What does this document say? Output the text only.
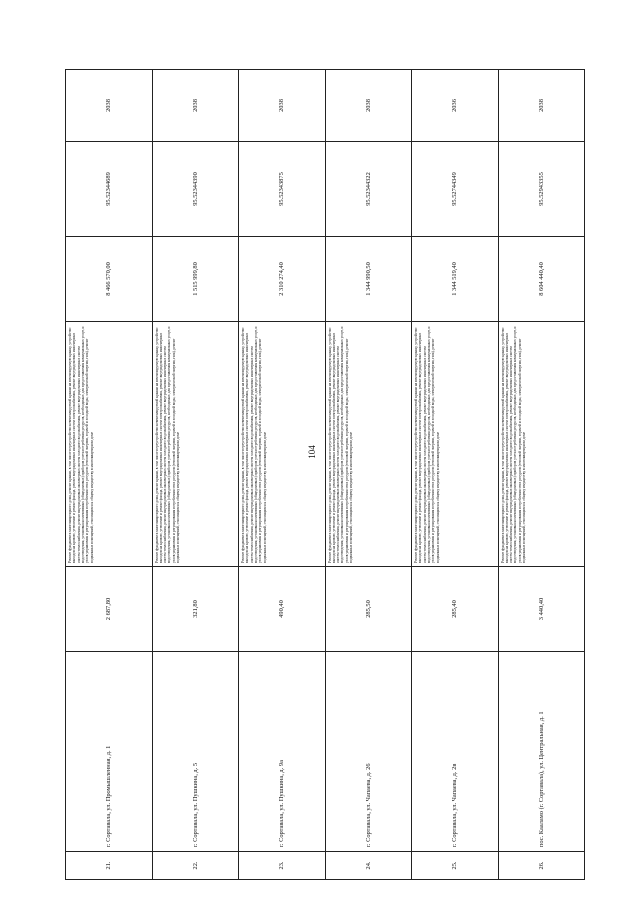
104
21.	г. Сортавала, ул. Промышленная, д. 1	2 687,80	Ремонт фундамента многоквартирного дома, ремонт крыши, в том числе переустройство невентилируемой крыши на вентилируемую крышу, устройство выходов на кровлю, утепление и ремонт фасада, ремонт внутридомовых инженерных систем электроснабжения, ремонт внутридомовых инженерных систем теплоснабжения, ремонт внутридомовых инженерных систем холодного водоснабжения, ремонт внутридомовых инженерных систем водоотведения, установка коллективных (общедомовых) приборов учета потребления ресурсов, необходимых для предоставления коммунальных услуг, и узлов управления и регулирования потребления этих ресурсов (тепловой энергии, горячей и холодной воды, электрической энергии, газа), ремонт подвальных помещений, относящихся к общему имуществу в многоквартирном доме	8 466 570,00	95.52344689	2038
22.	г. Сортавала, ул. Пушкина, д. 5	321,80	Ремонт фундамента многоквартирного дома, ремонт крыши, в том числе переустройство невентилируемой крыши на вентилируемую крышу, устройство выходов на кровлю, утепление и ремонт фасада, ремонт внутридомовых инженерных систем электроснабжения, ремонт внутридомовых инженерных систем теплоснабжения, ремонт внутридомовых инженерных систем холодного водоснабжения, ремонт внутридомовых инженерных систем водоотведения, установка коллективных (общедомовых) приборов учета потребления ресурсов, необходимых для предоставления коммунальных услуг, и узлов управления и регулирования потребления этих ресурсов (тепловой энергии, горячей и холодной воды, электрической энергии, газа), ремонт подвальных помещений, относящихся к общему имуществу в многоквартирном доме	1 515 999,80	95.52344390	2038
23.	г. Сортавала, ул. Пушкина, д. 9а	490,40	Ремонт фундамента многоквартирного дома, ремонт крыши, в том числе переустройство невентилируемой крыши на вентилируемую крышу, устройство выходов на кровлю, утепление и ремонт фасада, ремонт внутридомовых инженерных систем электроснабжения, ремонт внутридомовых инженерных систем теплоснабжения, ремонт внутридомовых инженерных систем холодного водоснабжения, ремонт внутридомовых инженерных систем водоотведения, установка коллективных (общедомовых) приборов учета потребления ресурсов, необходимых для предоставления коммунальных услуг, и узлов управления и регулирования потребления этих ресурсов (тепловой энергии, горячей и холодной воды, электрической энергии, газа), ремонт подвальных помещений, относящихся к общему имуществу в многоквартирном доме	2 310 274,40	95.52343875	2038
24.	г. Сортавала, ул. Чапаева, д. 26	285,50	Ремонт фундамента многоквартирного дома, ремонт крыши, в том числе переустройство невентилируемой крыши на вентилируемую крышу, устройство выходов на кровлю, утепление и ремонт фасада, ремонт внутридомовых инженерных систем электроснабжения, ремонт внутридомовых инженерных систем теплоснабжения, ремонт внутридомовых инженерных систем холодного водоснабжения, ремонт внутридомовых инженерных систем водоотведения, установка коллективных (общедомовых) приборов учета потребления ресурсов, необходимых для предоставления коммунальных услуг, и узлов управления и регулирования потребления этих ресурсов (тепловой энергии, горячей и холодной воды, электрической энергии, газа), ремонт подвальных помещений, относящихся к общему имуществу в многоквартирном доме	1 344 990,50	95.52344322	2038
25.	г. Сортавала, ул. Чапаева, д. 2в	285,40	Ремонт фундамента многоквартирного дома, ремонт крыши, в том числе переустройство невентилируемой крыши на вентилируемую крышу, устройство выходов на кровлю, утепление и ремонт фасада, ремонт внутридомовых инженерных систем электроснабжения, ремонт внутридомовых инженерных систем теплоснабжения, ремонт внутридомовых инженерных систем холодного водоснабжения, ремонт внутридомовых инженерных систем водоотведения, установка коллективных (общедомовых) приборов учета потребления ресурсов, необходимых для предоставления коммунальных услуг, и узлов управления и регулирования потребления этих ресурсов (тепловой энергии, горячей и холодной воды, электрической энергии, газа), ремонт подвальных помещений, относящихся к общему имуществу в многоквартирном доме	1 344 519,40	95.52744349	2036
26.	пос. Кааламо (г. Сортавала), ул. Центральная, д. 1	3 440,40	Ремонт фундамента многоквартирного дома, ремонт крыши, в том числе переустройство невентилируемой крыши на вентилируемую крышу, устройство выходов на кровлю, утепление и ремонт фасада, ремонт внутридомовых инженерных систем электроснабжения, ремонт внутридомовых инженерных систем теплоснабжения, ремонт внутридомовых инженерных систем холодного водоснабжения, ремонт внутридомовых инженерных систем водоотведения, установка коллективных (общедомовых) приборов учета потребления ресурсов, необходимых для предоставления коммунальных услуг, и узлов управления и регулирования потребления этих ресурсов (тепловой энергии, горячей и холодной воды, электрической энергии, газа), ремонт подвальных помещений, относящихся к общему имуществу в многоквартирном доме	8 604 440,40	95.52943355	2038
